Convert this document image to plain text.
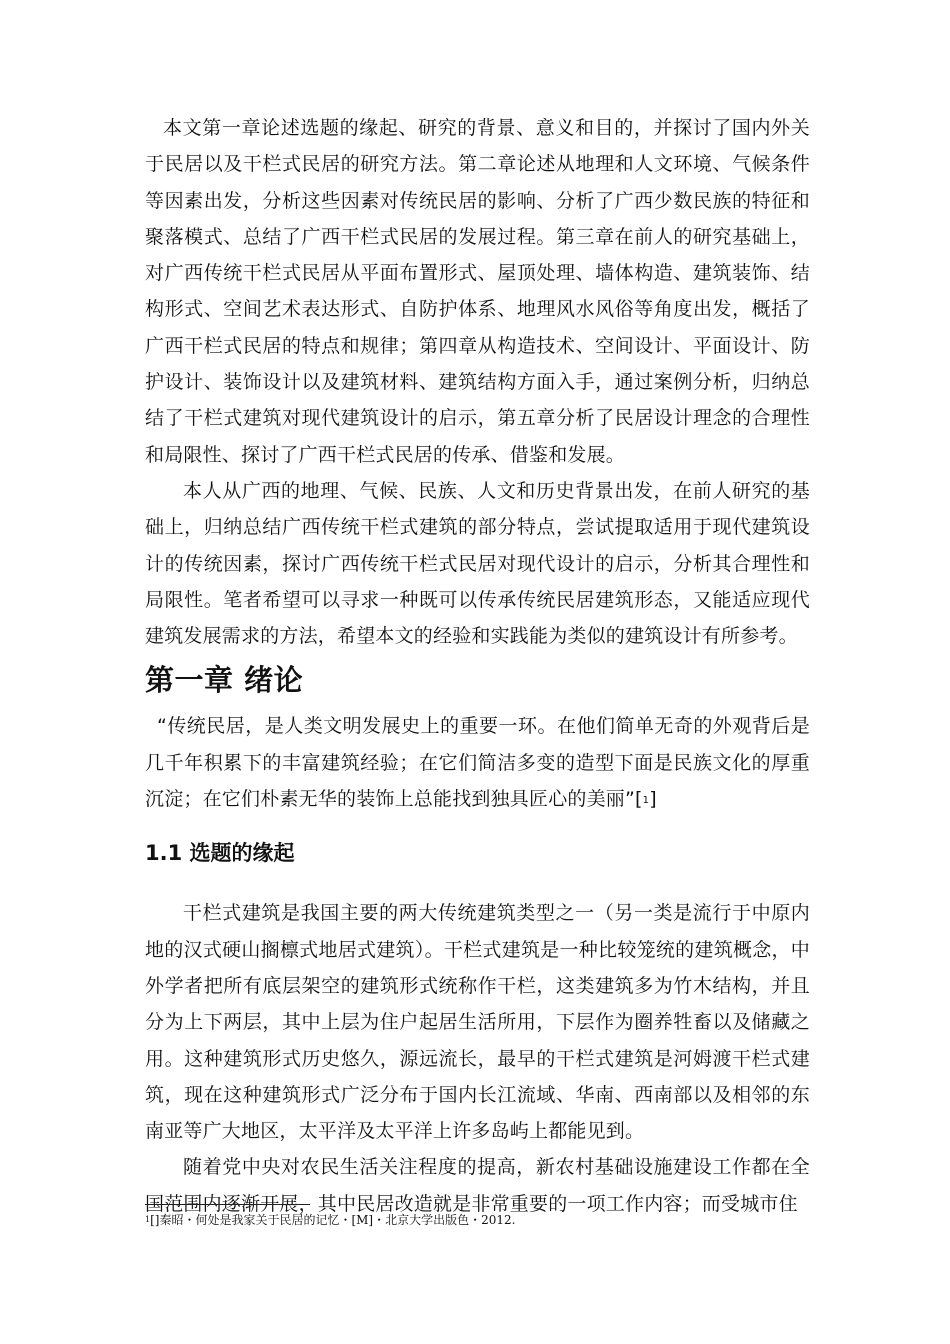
本文第一章论述选题的缘起、研究的背景、意义和目的，并探讨了国内外关于民居以及干栏式民居的研究方法。第二章论述从地理和人文环境、气候条件等因素出发，分析这些因素对传统民居的影响、分析了广西少数民族的特征和聚落模式、总结了广西干栏式民居的发展过程。第三章在前人的研究基础上，对广西传统干栏式民居从平面布置形式、屋顶处理、墙体构造、建筑装饰、结构形式、空间艺术表达形式、自防护体系、地理风水风俗等角度出发，概括了广西干栏式民居的特点和规律；第四章从构造技术、空间设计、平面设计、防护设计、装饰设计以及建筑材料、建筑结构方面入手，通过案例分析，归纳总结了干栏式建筑对现代建筑设计的启示，第五章分析了民居设计理念的合理性和局限性、探讨了广西干栏式民居的传承、借鉴和发展。

本人从广西的地理、气候、民族、人文和历史背景出发，在前人研究的基础上，归纳总结广西传统干栏式建筑的部分特点，尝试提取适用于现代建筑设计的传统因素，探讨广西传统干栏式民居对现代设计的启示，分析其合理性和局限性。笔者希望可以寻求一种既可以传承传统民居建筑形态，又能适应现代建筑发展需求的方法，希望本文的经验和实践能为类似的建筑设计有所参考。

第一章 绪论

“传统民居，是人类文明发展史上的重要一环。在他们简单无奇的外观背后是几千年积累下的丰富建筑经验；在它们简洁多变的造型下面是民族文化的厚重沉淀；在它们朴素无华的装饰上总能找到独具匠心的美丽”[$^1$]

1.1 选题的缘起

干栏式建筑是我国主要的两大传统建筑类型之一（另一类是流行于中原内地的汉式硬山搁檩式地居式建筑）。干栏式建筑是一种比较笼统的建筑概念，中外学者把所有底层架空的建筑形式统称作干栏，这类建筑多为竹木结构，并且分为上下两层，其中上层为住户起居生活所用，下层作为圈养牲畜以及储藏之用。这种建筑形式历史悠久，源远流长，最早的干栏式建筑是河姆渡干栏式建筑，现在这种建筑形式广泛分布于国内长江流域、华南、西南部以及相邻的东南亚等广大地区，太平洋及太平洋上许多岛屿上都能见到。

随着党中央对农民生活关注程度的提高，新农村基础设施建设工作都在全国范围内逐渐开展，其中民居改造就是非常重要的一项工作内容；而受城市住

$^1$[]秦昭・何处是我家关于民居的记忆・[M]・北京大学出版色・2012.
